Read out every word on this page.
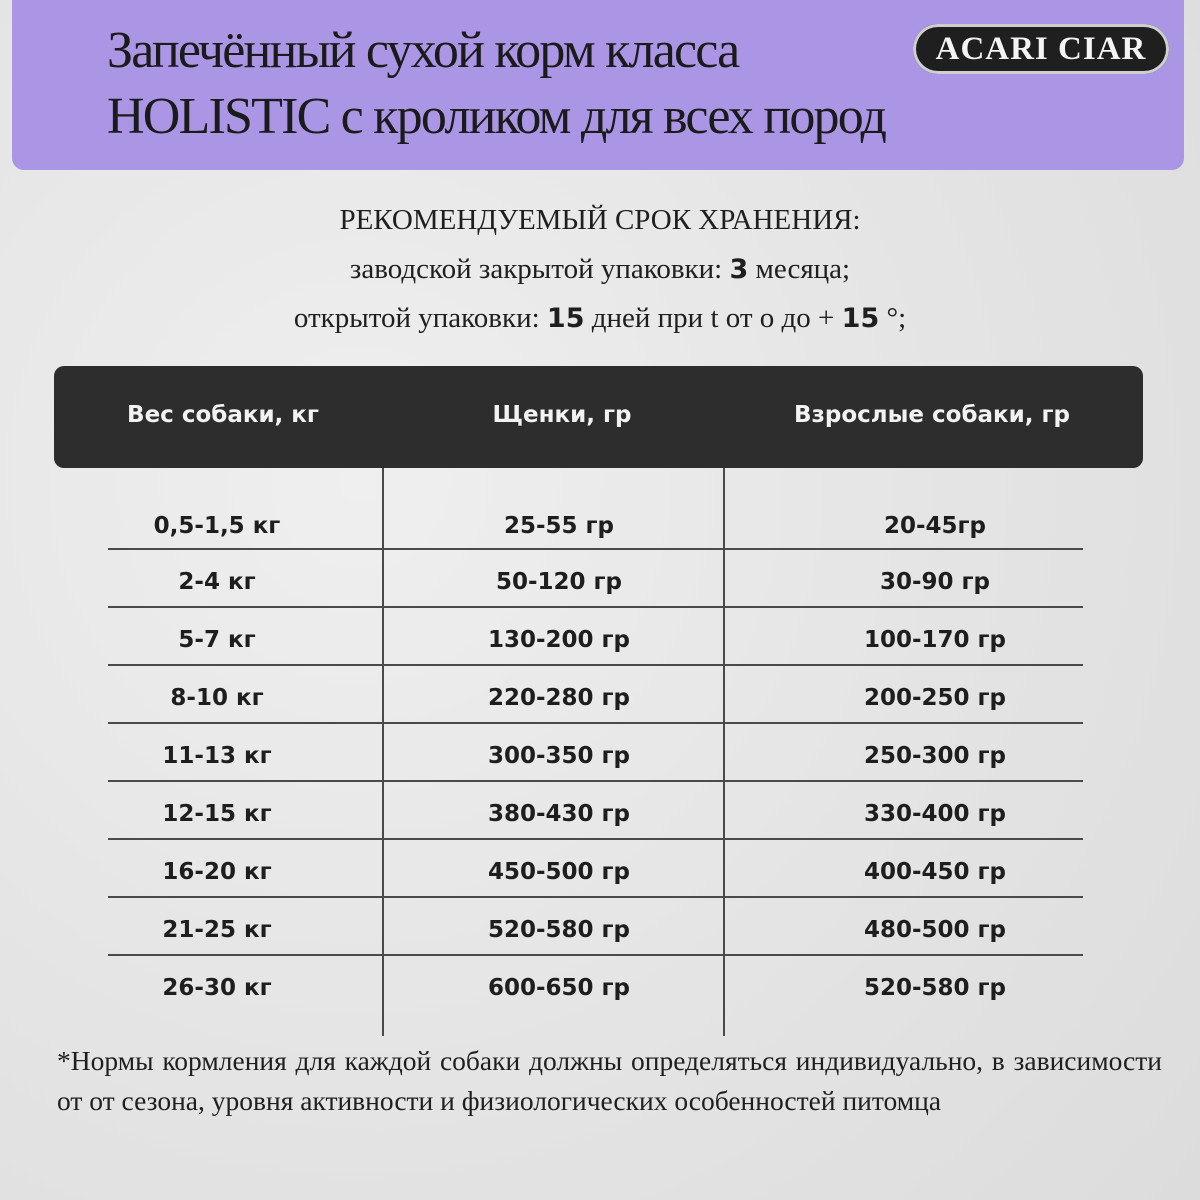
Запечённый сухой корм класса
HOLISTIC с кроликом для всех пород
ACARI CIAR
РЕКОМЕНДУЕМЫЙ СРОК ХРАНЕНИЯ:
заводской закрытой упаковки: 3 месяца;
открытой упаковки: 15 дней при t от о до + 15 °;
Вес собаки, кг	Щенки, гр	Взрослые собаки, гр
0,5-1,5 кг	25-55 гр	20-45гр
2-4 кг	50-120 гр	30-90 гр
5-7 кг	130-200 гр	100-170 гр
8-10 кг	220-280 гр	200-250 гр
11-13 кг	300-350 гр	250-300 гр
12-15 кг	380-430 гр	330-400 гр
16-20 кг	450-500 гр	400-450 гр
21-25 кг	520-580 гр	480-500 гр
26-30 кг	600-650 гр	520-580 гр

*Нормы кормления для каждой собаки должны определяться индивидуально, в зависимости от от сезона, уровня активности и физиологических особенностей питомца
